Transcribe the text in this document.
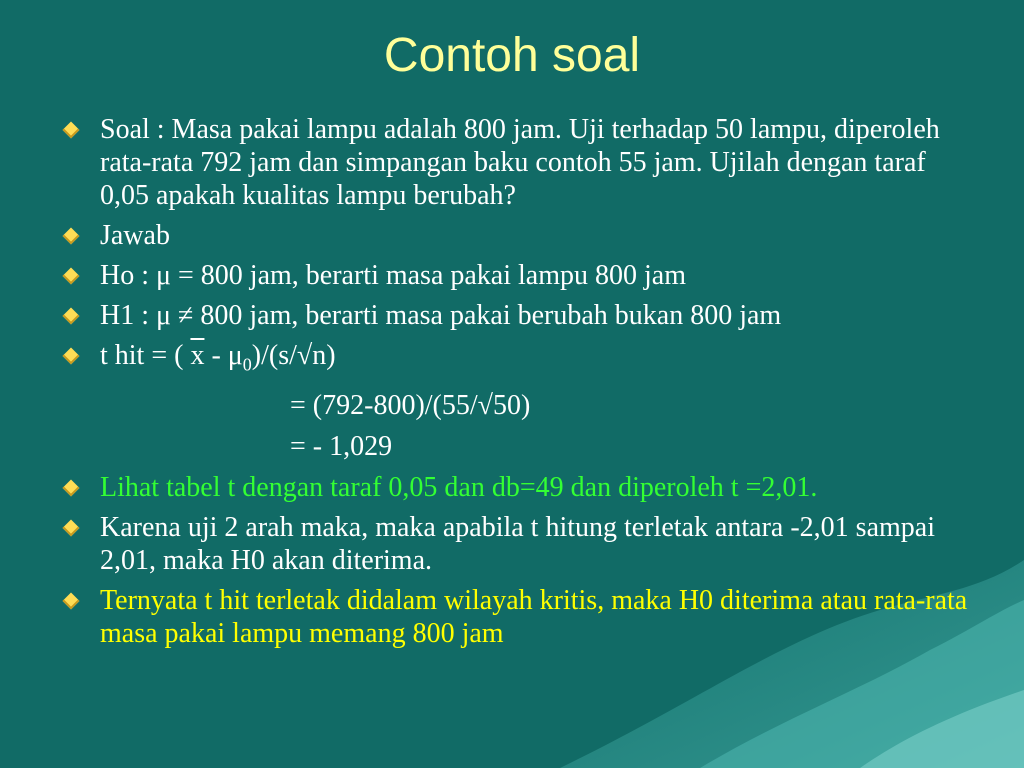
Contoh soal
Soal : Masa pakai lampu adalah 800 jam. Uji terhadap 50 lampu, diperoleh rata-rata 792 jam dan simpangan baku contoh 55 jam. Ujilah dengan taraf 0,05 apakah kualitas lampu berubah?
Jawab
Ho : μ = 800 jam, berarti masa pakai lampu 800 jam
H1 : μ ≠ 800 jam, berarti masa pakai berubah bukan 800 jam
t hit = ( $\overline{x} - \mu_0)/(s/√n)$
= (792-800)/(55/√50)
= - 1,029
Lihat tabel t dengan taraf 0,05 dan db=49 dan diperoleh t =2,01.
Karena uji 2 arah maka, maka apabila t hitung terletak antara -2,01 sampai 2,01, maka H0 akan diterima.
Ternyata t hit terletak didalam wilayah kritis, maka H0 diterima atau rata-rata masa pakai lampu memang 800 jam
